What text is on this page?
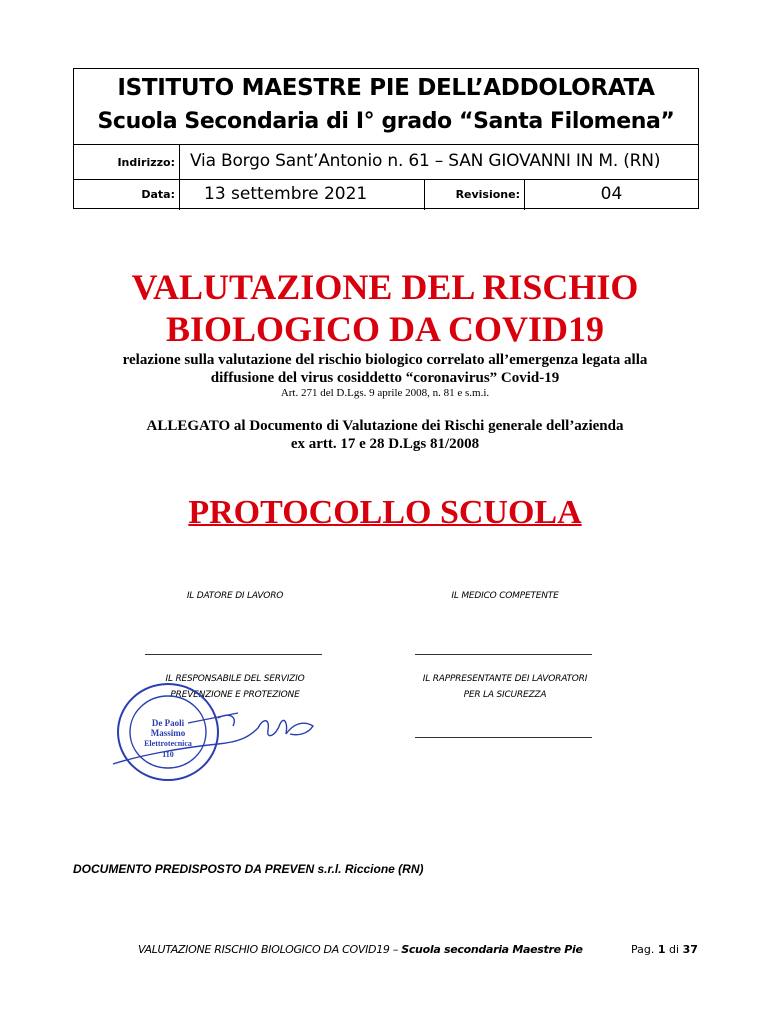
ISTITUTO MAESTRE PIE DELL’ADDOLORATA
Scuola Secondaria di I° grado “Santa Filomena”
Indirizzo: Via Borgo Sant’Antonio n. 61 – SAN GIOVANNI IN M. (RN)
Data:	13 settembre 2021	Revisione:	04
VALUTAZIONE DEL RISCHIO
BIOLOGICO DA COVID19
relazione sulla valutazione del rischio biologico correlato all’emergenza legata alla
diffusione del virus cosiddetto “coronavirus” Covid-19
Art. 271 del D.Lgs. 9 aprile 2008, n. 81 e s.m.i.
ALLEGATO al Documento di Valutazione dei Rischi generale dell’azienda
ex artt. 17 e 28 D.Lgs 81/2008
PROTOCOLLO SCUOLA
IL DATORE DI LAVORO	IL MEDICO COMPETENTE
IL RESPONSABILE DEL SERVIZIO
PREVENZIONE E PROTEZIONE
IL RAPPRESENTANTE DEI LAVORATORI
PER LA SICUREZZA
De Paoli
Massimo
Elettrotecnica
110
DOCUMENTO PREDISPOSTO DA PREVEN s.r.l. Riccione (RN)
VALUTAZIONE RISCHIO BIOLOGICO DA COVID19 – Scuola secondaria Maestre Pie	Pag. 1 di 37
